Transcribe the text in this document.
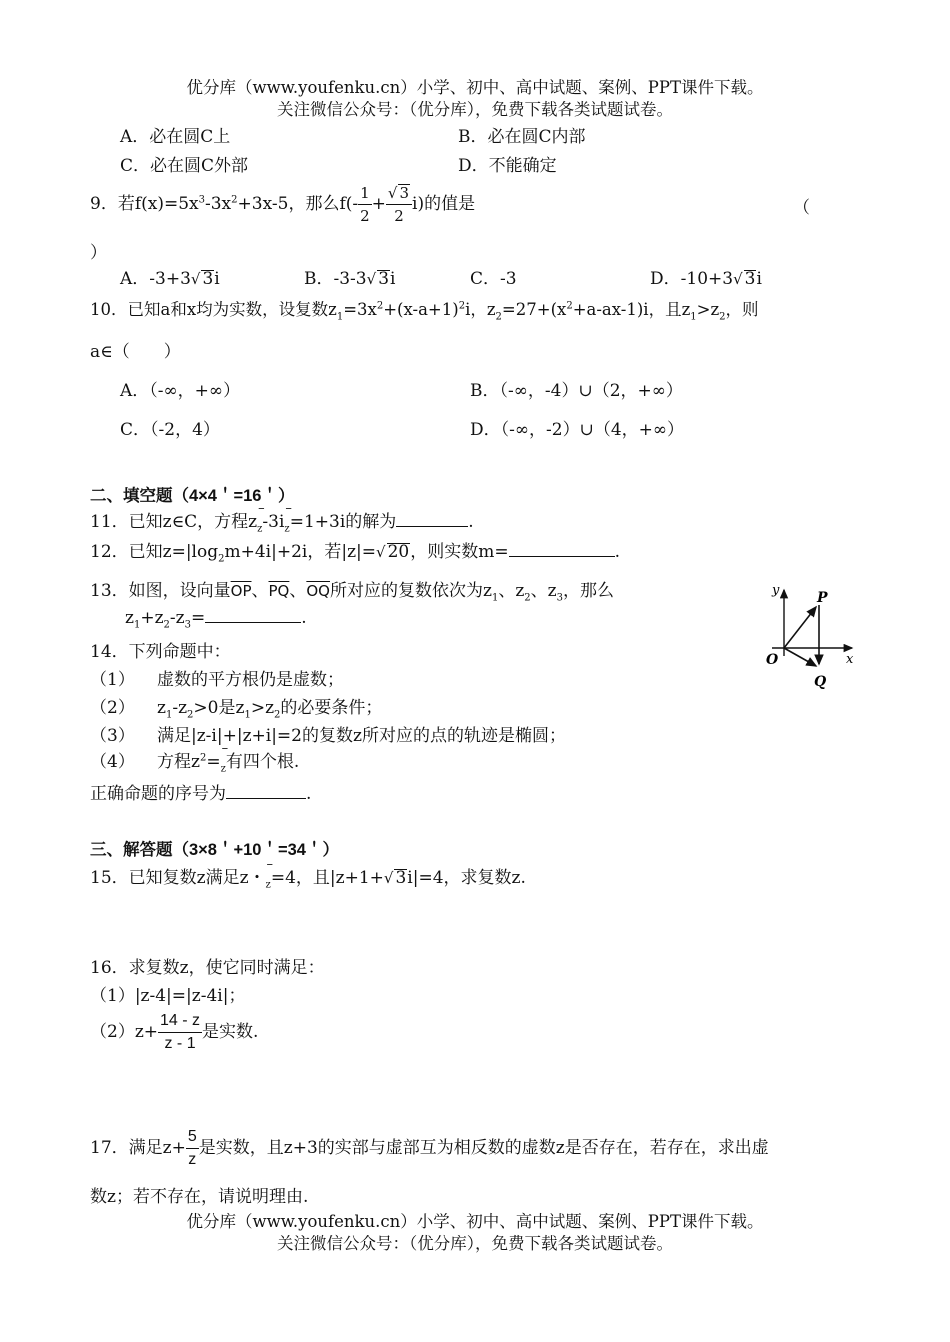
优分库（www.youfenku.cn）小学、初中、高中试题、案例、PPT课件下载。
关注微信公众号：（优分库），免费下载各类试题试卷。
A．必在圆C上	B．必在圆C内部
C．必在圆C外部	D．不能确定
9．若$f(x)=5x^3-3x^2+3x-5$，那么$f(- \frac{1}{2} + \frac{√ 3}{2} i)$的值是	（
）
A．-3+3√ 3i	B．-3-3√ 3i	C．-3	D．-10+3√ 3i
10．已知a和x均为实数，设复数$z_1=3x^2+(x-a+1)^2i$，$z_2=27+(x^2+a-ax-1)i$，且$z_1>z_2$，则
a∈（　　）
A．（-∞，+∞）	B．（-∞，-4）∪（2，+∞）
C．（-2，4）	D．（-∞，-2）∪（4，+∞）
二、填空题（4×4＇=16＇）
11．已知z∈C，方程z– $_z$-3i– $_z$=1+3i的解为	.
12．已知$z=|\log_2m+4i|+2i$，若|z|=√ 20，则实数m=	.
13．如图，设向量$\overline{OP}$、$\overline{PQ}$、$\overline{OQ}$所对应的复数依次为$z_1$、$z_2$、$z_3$，那么
$z_1+z_2-z_3=$	.
y
x
O
P
Q
14．下列命题中：
（1） 虚数的平方根仍是虚数；
（2） $z_1-z_2>0$是$z_1>z_2$的必要条件；
（3） 满足|z-i|+|z+i|=2的复数z所对应的点的轨迹是椭圆；
（4） 方程$z^2=-$ $_z$有四个根.
正确命题的序号为	.
三、解答题（3×8＇+10＇=34＇）
15．已知复数z满足z・– $_z$=4，且|z+1+√ 3i|=4，求复数z.
16．求复数z，使它同时满足：
（1）|z-4|=|z-4i|；
$(2)z+ \frac{14 - z}{z - 1}$ 是实数.
17．满足$z+ \frac{5}{z}$ 是实数，且z+3的实部与虚部互为相反数的虚数z是否存在，若存在，求出虚
数z；若不存在，请说明理由.
优分库（www.youfenku.cn）小学、初中、高中试题、案例、PPT课件下载。
关注微信公众号：（优分库），免费下载各类试题试卷。
